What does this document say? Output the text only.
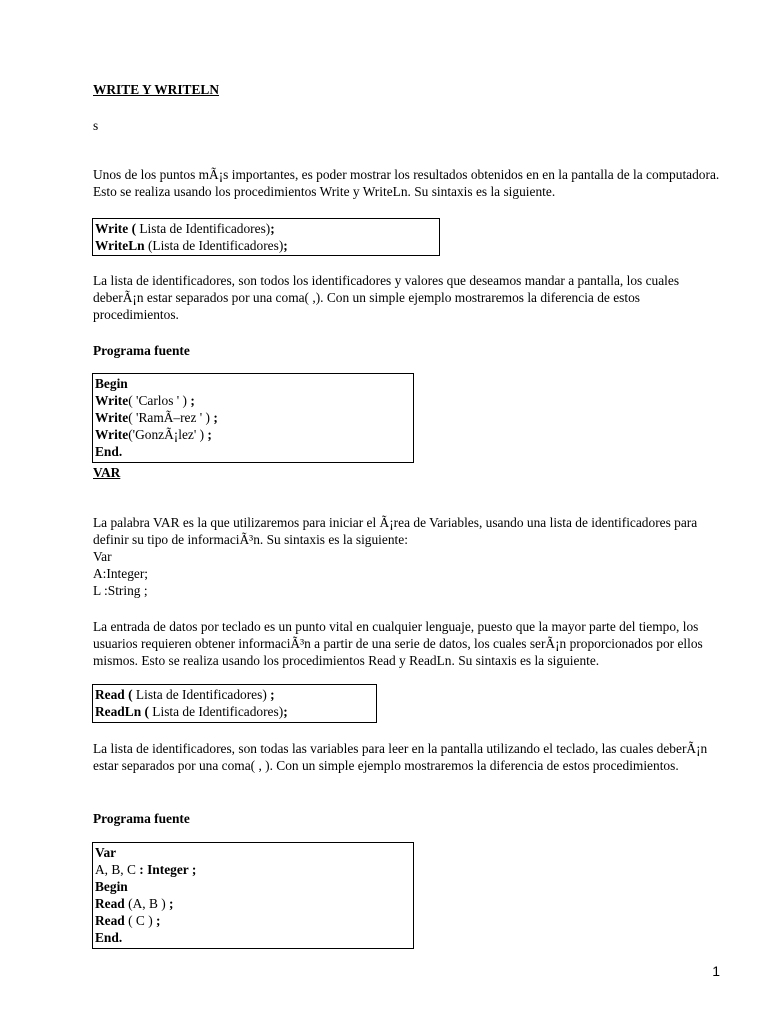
WRITE Y WRITELN

s

Unos de los puntos mÃ¡s importantes, es poder mostrar los resultados obtenidos en en la pantalla de la computadora. Esto se realiza usando los procedimientos Write y WriteLn. Su sintaxis es la siguiente.

Write ( Lista de Identificadores);
WriteLn (Lista de Identificadores);

La lista de identificadores, son todos los identificadores y valores que deseamos mandar a pantalla, los cuales deberÃ¡n estar separados por una coma( ,). Con un simple ejemplo mostraremos la diferencia de estos procedimientos.

Programa fuente

Begin
Write( 'Carlos ' ) ;
Write( 'RamÃ–rez ' ) ;
Write('GonzÃ¡lez' ) ;
End.

VAR

La palabra VAR es la que utilizaremos para iniciar el Ã¡rea de Variables, usando una lista de identificadores para definir su tipo de informaciÃ³n. Su sintaxis es la siguiente:

Var
A:Integer;
L :String ;

La entrada de datos por teclado es un punto vital en cualquier lenguaje, puesto que la mayor parte del tiempo, los usuarios requieren obtener informaciÃ³n a partir de una serie de datos, los cuales serÃ¡n proporcionados por ellos mismos. Esto se realiza usando los procedimientos Read y ReadLn. Su sintaxis es la siguiente.

Read ( Lista de Identificadores) ;
ReadLn ( Lista de Identificadores);

La lista de identificadores, son todas las variables para leer en la pantalla utilizando el teclado, las cuales deberÃ¡n estar separados por una coma( , ). Con un simple ejemplo mostraremos la diferencia de estos procedimientos.

Programa fuente

Var
A, B, C : Integer ;
Begin
Read (A, B ) ;
Read ( C ) ;
End.
1
